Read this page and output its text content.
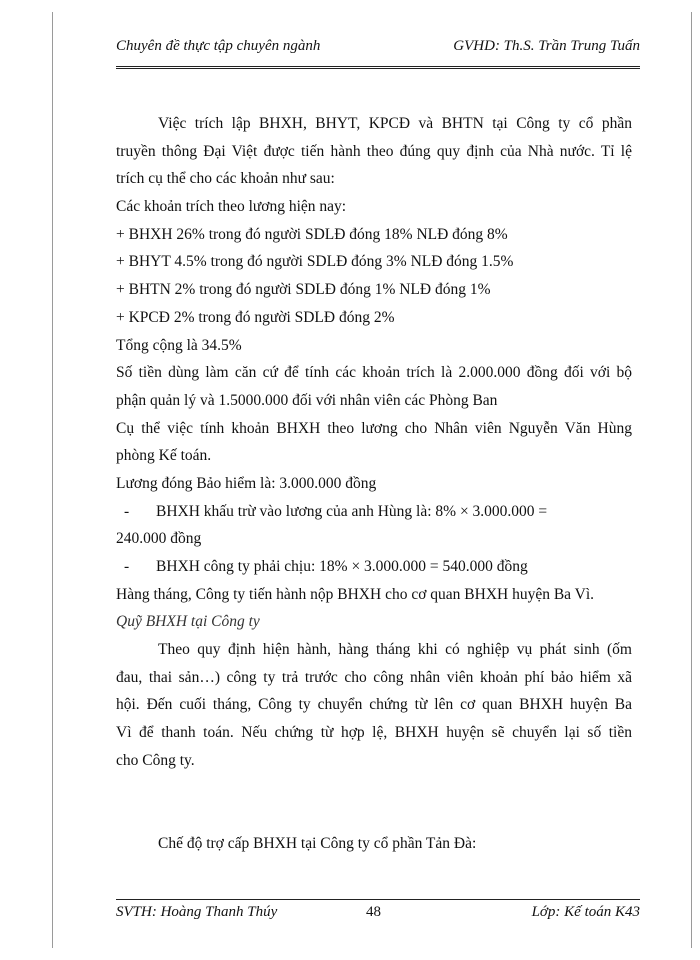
Chuyên đề thực tập chuyên ngành	GVHD: Th.S. Trần Trung Tuấn
Việc trích lập BHXH, BHYT, KPCĐ và BHTN tại Công ty cổ phần
truyền thông Đại Việt được tiến hành theo đúng quy định của Nhà nước. Tỉ lệ
trích cụ thể cho các khoản như sau:
Các khoản trích theo lương hiện nay:
+ BHXH 26% trong đó người SDLĐ đóng 18% NLĐ đóng 8%
+ BHYT 4.5% trong đó người SDLĐ đóng 3% NLĐ đóng 1.5%
+ BHTN 2% trong đó người SDLĐ đóng 1% NLĐ đóng 1%
+ KPCĐ 2% trong đó người SDLĐ đóng 2%
Tổng cộng là 34.5%
Số tiền dùng làm căn cứ để tính các khoản trích là 2.000.000 đồng đối với bộ
phận quản lý và 1.5000.000 đối với nhân viên các Phòng Ban
Cụ thể việc tính khoản BHXH theo lương cho Nhân viên Nguyễn Văn Hùng
phòng Kế toán.
Lương đóng Bảo hiểm là: 3.000.000 đồng
- BHXH khấu trừ vào lương của anh Hùng là: 8% × 3.000.000 =
240.000 đồng
- BHXH công ty phải chịu: 18% × 3.000.000 = 540.000 đồng
Hàng tháng, Công ty tiến hành nộp BHXH cho cơ quan BHXH huyện Ba Vì.
Quỹ BHXH tại Công ty
Theo quy định hiện hành, hàng tháng khi có nghiệp vụ phát sinh (ốm
đau, thai sản…) công ty trả trước cho công nhân viên khoản phí bảo hiểm xã
hội. Đến cuối tháng, Công ty chuyển chứng từ lên cơ quan BHXH huyện Ba
Vì để thanh toán. Nếu chứng từ hợp lệ, BHXH huyện sẽ chuyển lại số tiền
cho Công ty.
Chế độ trợ cấp BHXH tại Công ty cổ phần Tản Đà:
SVTH: Hoàng Thanh Thúy	48	Lớp: Kế toán K43
